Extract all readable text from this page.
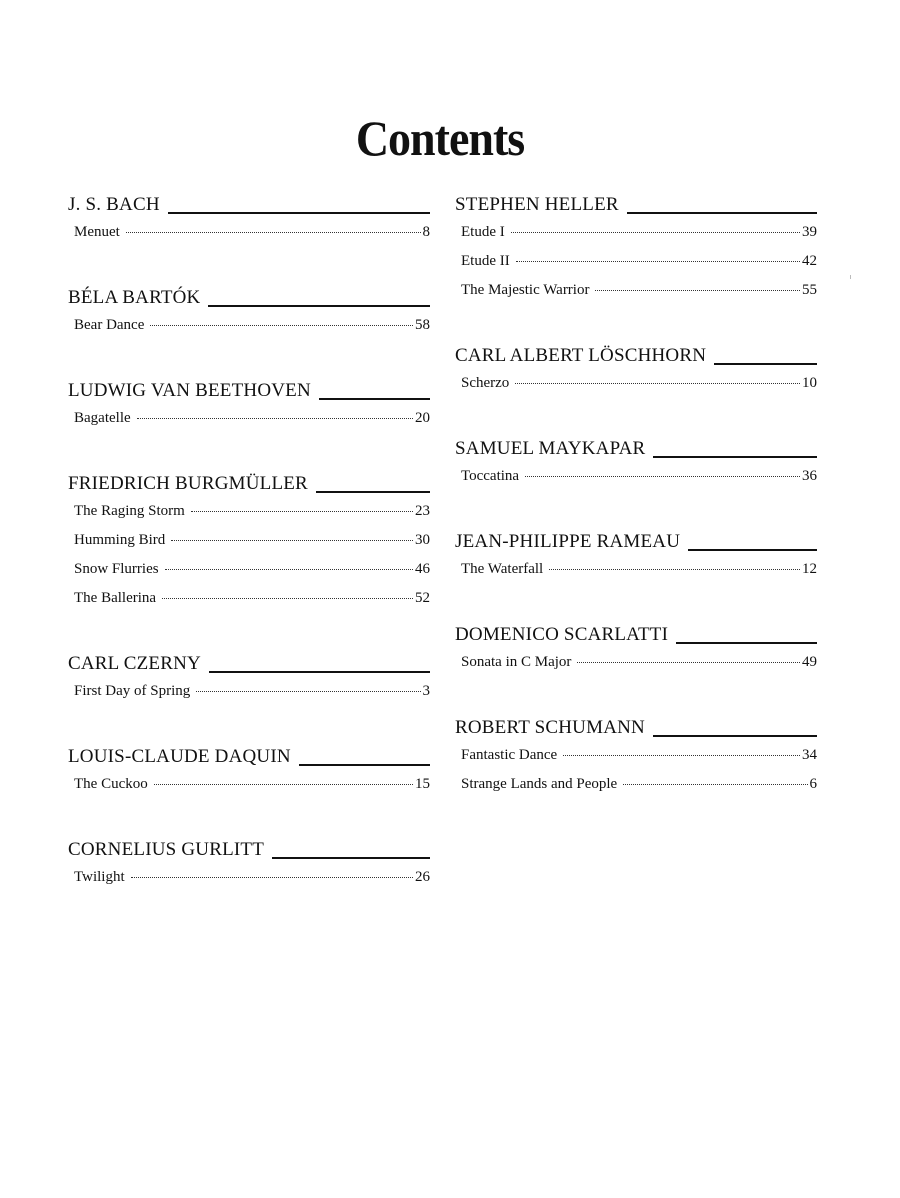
Contents
J. S. BACH
Menuet	8
BÉLA BARTÓK
Bear Dance	58
LUDWIG VAN BEETHOVEN
Bagatelle	20
FRIEDRICH BURGMÜLLER
The Raging Storm	23
Humming Bird	30
Snow Flurries	46
The Ballerina	52
CARL CZERNY
First Day of Spring	3
LOUIS-CLAUDE DAQUIN
The Cuckoo	15
CORNELIUS GURLITT
Twilight	26
STEPHEN HELLER
Etude I	39
Etude II	42
The Majestic Warrior	55
CARL ALBERT LÖSCHHORN
Scherzo	10
SAMUEL MAYKAPAR
Toccatina	36
JEAN-PHILIPPE RAMEAU
The Waterfall	12
DOMENICO SCARLATTI
Sonata in C Major	49
ROBERT SCHUMANN
Fantastic Dance	34
Strange Lands and People	6
